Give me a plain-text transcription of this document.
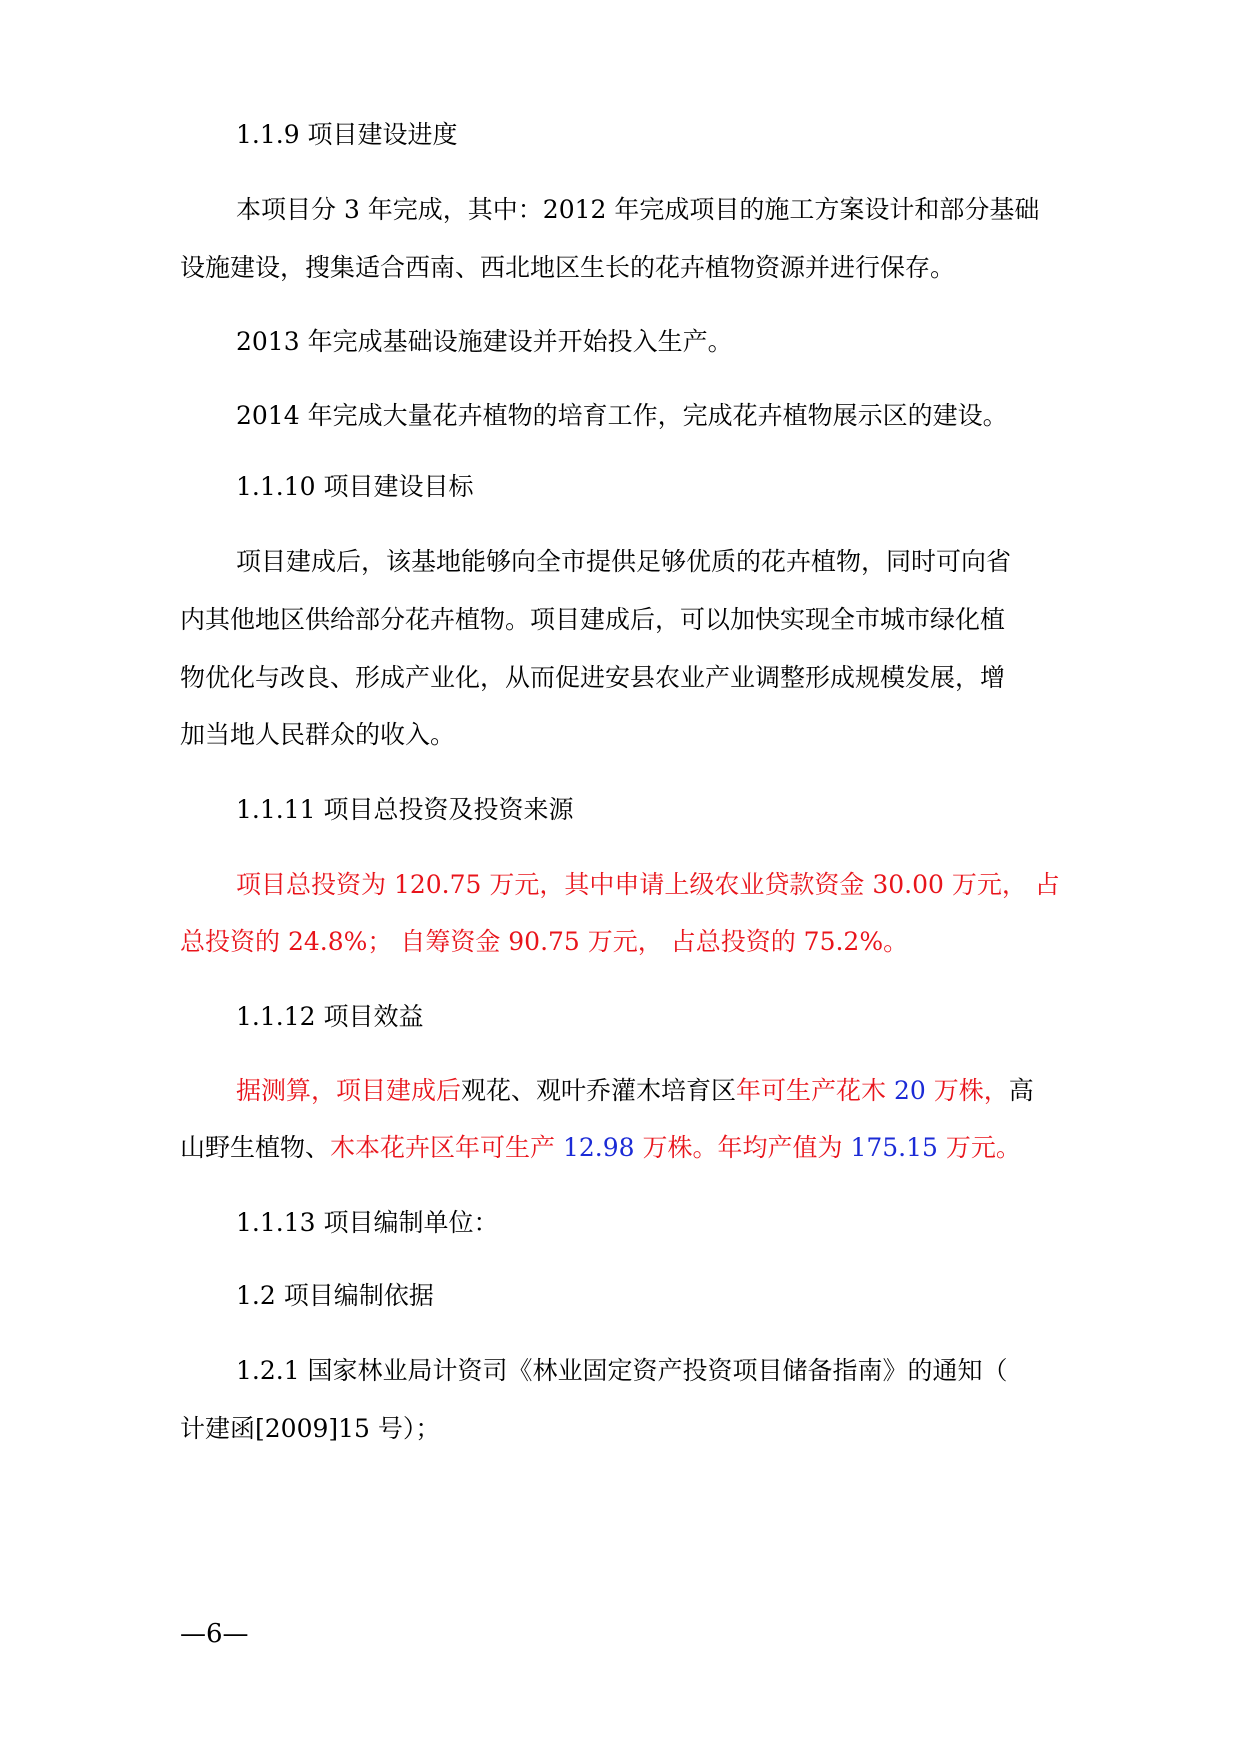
1.1.9 项目建设进度
本项目分 3 年完成，其中：2012 年完成项目的施工方案设计和部分基础
设施建设，搜集适合西南、西北地区生长的花卉植物资源并进行保存。
2013 年完成基础设施建设并开始投入生产。
2014 年完成大量花卉植物的培育工作，完成花卉植物展示区的建设。
1.1.10 项目建设目标
项目建成后，该基地能够向全市提供足够优质的花卉植物，同时可向省
内其他地区供给部分花卉植物。项目建成后，可以加快实现全市城市绿化植
物优化与改良、形成产业化，从而促进安县农业产业调整形成规模发展，增
加当地人民群众的收入。
1.1.11 项目总投资及投资来源
项目总投资为 120.75 万元，其中申请上级农业贷款资金 30.00 万元， 占
总投资的 24.8%； 自筹资金 90.75 万元， 占总投资的 75.2%。
1.1.12 项目效益
据测算，项目建成后观花、观叶乔灌木培育区年可生产花木 20 万株，高
山野生植物、木本花卉区年可生产 12.98 万株。年均产值为 175.15 万元。
1.1.13 项目编制单位：
1.2 项目编制依据
1.2.1 国家林业局计资司《林业固定资产投资项目储备指南》的通知（
计建函[2009]15 号）；
—6—
